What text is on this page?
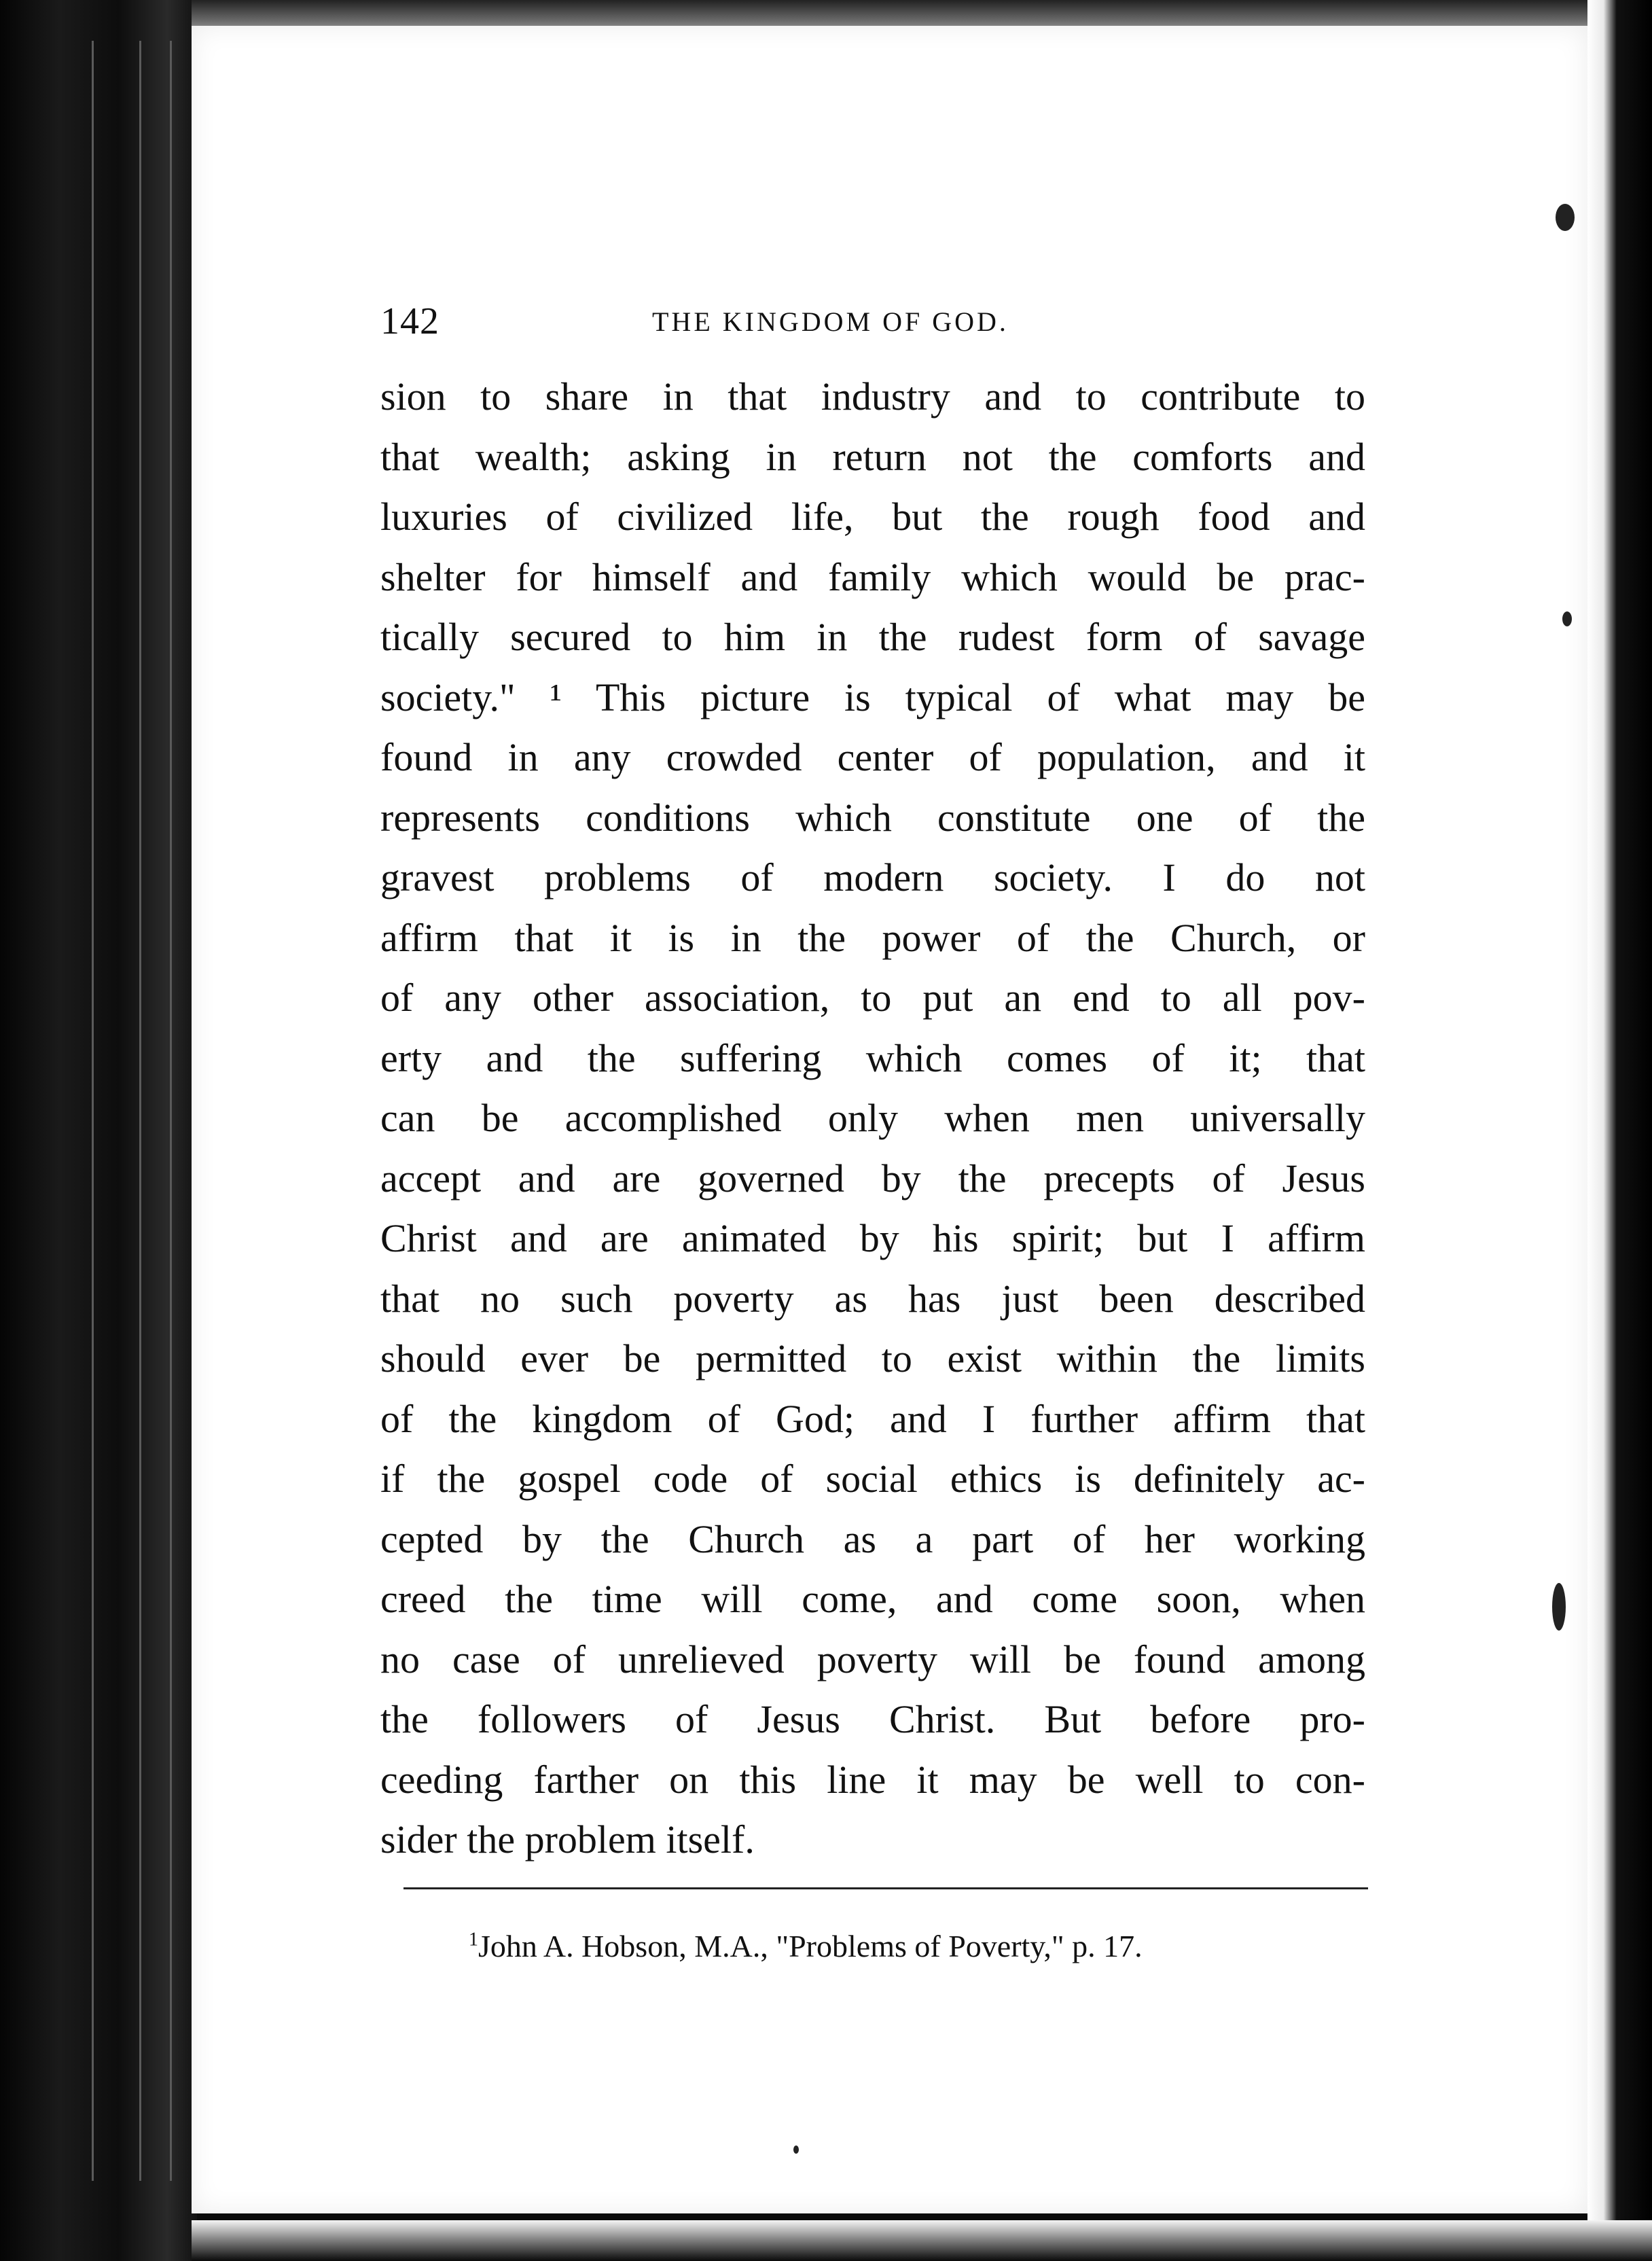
142	THE KINGDOM OF GOD.
sion to share in that industry and to contribute to
that wealth; asking in return not the comforts and
luxuries of civilized life, but the rough food and
shelter for himself and family which would be prac-
tically secured to him in the rudest form of savage
society." ¹ This picture is typical of what may be
found in any crowded center of population, and it
represents conditions which constitute one of the
gravest problems of modern society. I do not
affirm that it is in the power of the Church, or
of any other association, to put an end to all pov-
erty and the suffering which comes of it; that
can be accomplished only when men universally
accept and are governed by the precepts of Jesus
Christ and are animated by his spirit; but I affirm
that no such poverty as has just been described
should ever be permitted to exist within the limits
of the kingdom of God; and I further affirm that
if the gospel code of social ethics is definitely ac-
cepted by the Church as a part of her working
creed the time will come, and come soon, when
no case of unrelieved poverty will be found among
the followers of Jesus Christ. But before pro-
ceeding farther on this line it may be well to con-
sider the problem itself.
$^1$John A. Hobson, M.A., "Problems of Poverty," p. 17.
